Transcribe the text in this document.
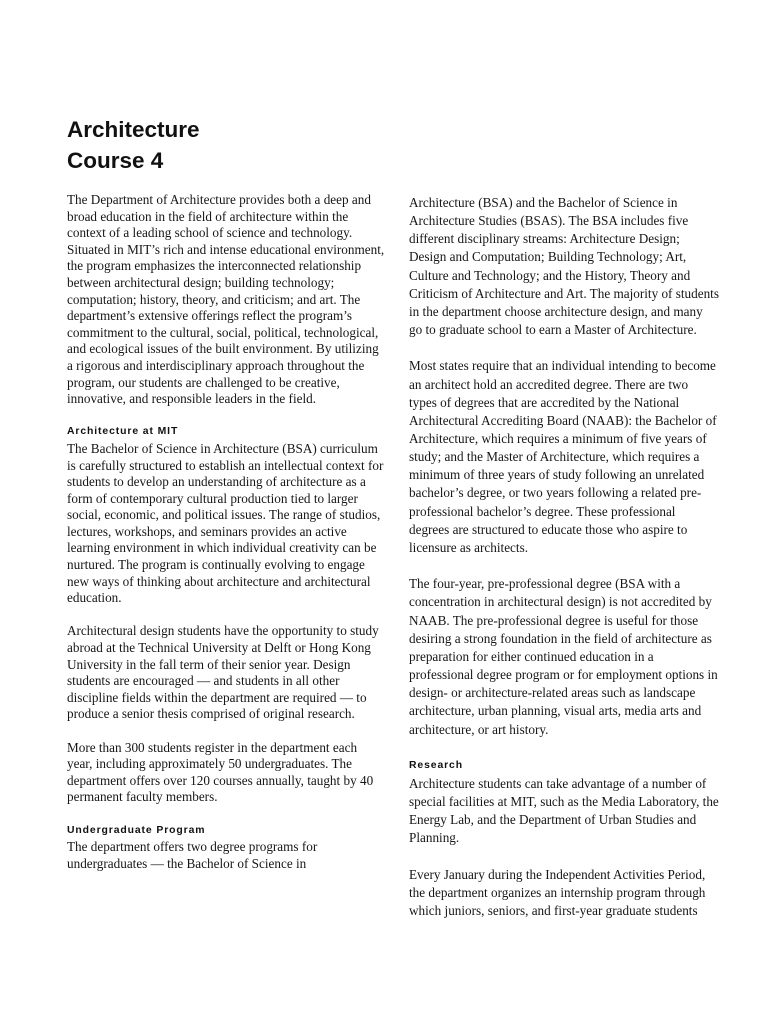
Architecture
Course 4

The Department of Architecture provides both a deep and broad education in the field of architecture within the context of a leading school of science and technology. Situated in MIT’s rich and intense educational environment, the program emphasizes the interconnected relationship between architectural design; building technology; computation; history, theory, and criticism; and art. The department’s extensive offerings reflect the program’s commitment to the cultural, social, political, technological, and ecological issues of the built environment. By utilizing a rigorous and interdisciplinary approach throughout the program, our students are challenged to be creative, innovative, and responsible leaders in the field.

Architecture at MIT

The Bachelor of Science in Architecture (BSA) curriculum is carefully structured to establish an intellectual context for students to develop an understanding of architecture as a form of contemporary cultural production tied to larger social, economic, and political issues. The range of studios, lectures, workshops, and seminars provides an active learning environment in which individual creativity can be nurtured. The program is continually evolving to engage new ways of thinking about architecture and architectural education.

Architectural design students have the opportunity to study abroad at the Technical University at Delft or Hong Kong University in the fall term of their senior year. Design students are encouraged — and students in all other discipline fields within the department are required — to produce a senior thesis comprised of original research.

More than 300 students register in the department each year, including approximately 50 undergraduates. The department offers over 120 courses annually, taught by 40 permanent faculty members.

Undergraduate Program

The department offers two degree programs for undergraduates — the Bachelor of Science in

Architecture (BSA) and the Bachelor of Science in Architecture Studies (BSAS). The BSA includes five different disciplinary streams: Architecture Design; Design and Computation; Building Technology; Art, Culture and Technology; and the History, Theory and Criticism of Architecture and Art. The majority of students in the department choose architecture design, and many go to graduate school to earn a Master of Architecture.

Most states require that an individual intending to become an architect hold an accredited degree. There are two types of degrees that are accredited by the National Architectural Accrediting Board (NAAB): the Bachelor of Architecture, which requires a minimum of five years of study; and the Master of Architecture, which requires a minimum of three years of study following an unrelated bachelor’s degree, or two years following a related pre-professional bachelor’s degree. These professional degrees are structured to educate those who aspire to licensure as architects.

The four-year, pre-professional degree (BSA with a concentration in architectural design) is not accredited by NAAB. The pre-professional degree is useful for those desiring a strong foundation in the field of architecture as preparation for either continued education in a professional degree program or for employment options in design- or architecture-related areas such as landscape architecture, urban planning, visual arts, media arts and architecture, or art history.

Research

Architecture students can take advantage of a number of special facilities at MIT, such as the Media Laboratory, the Energy Lab, and the Department of Urban Studies and Planning.

Every January during the Independent Activities Period, the department organizes an internship program through which juniors, seniors, and first-year graduate students
